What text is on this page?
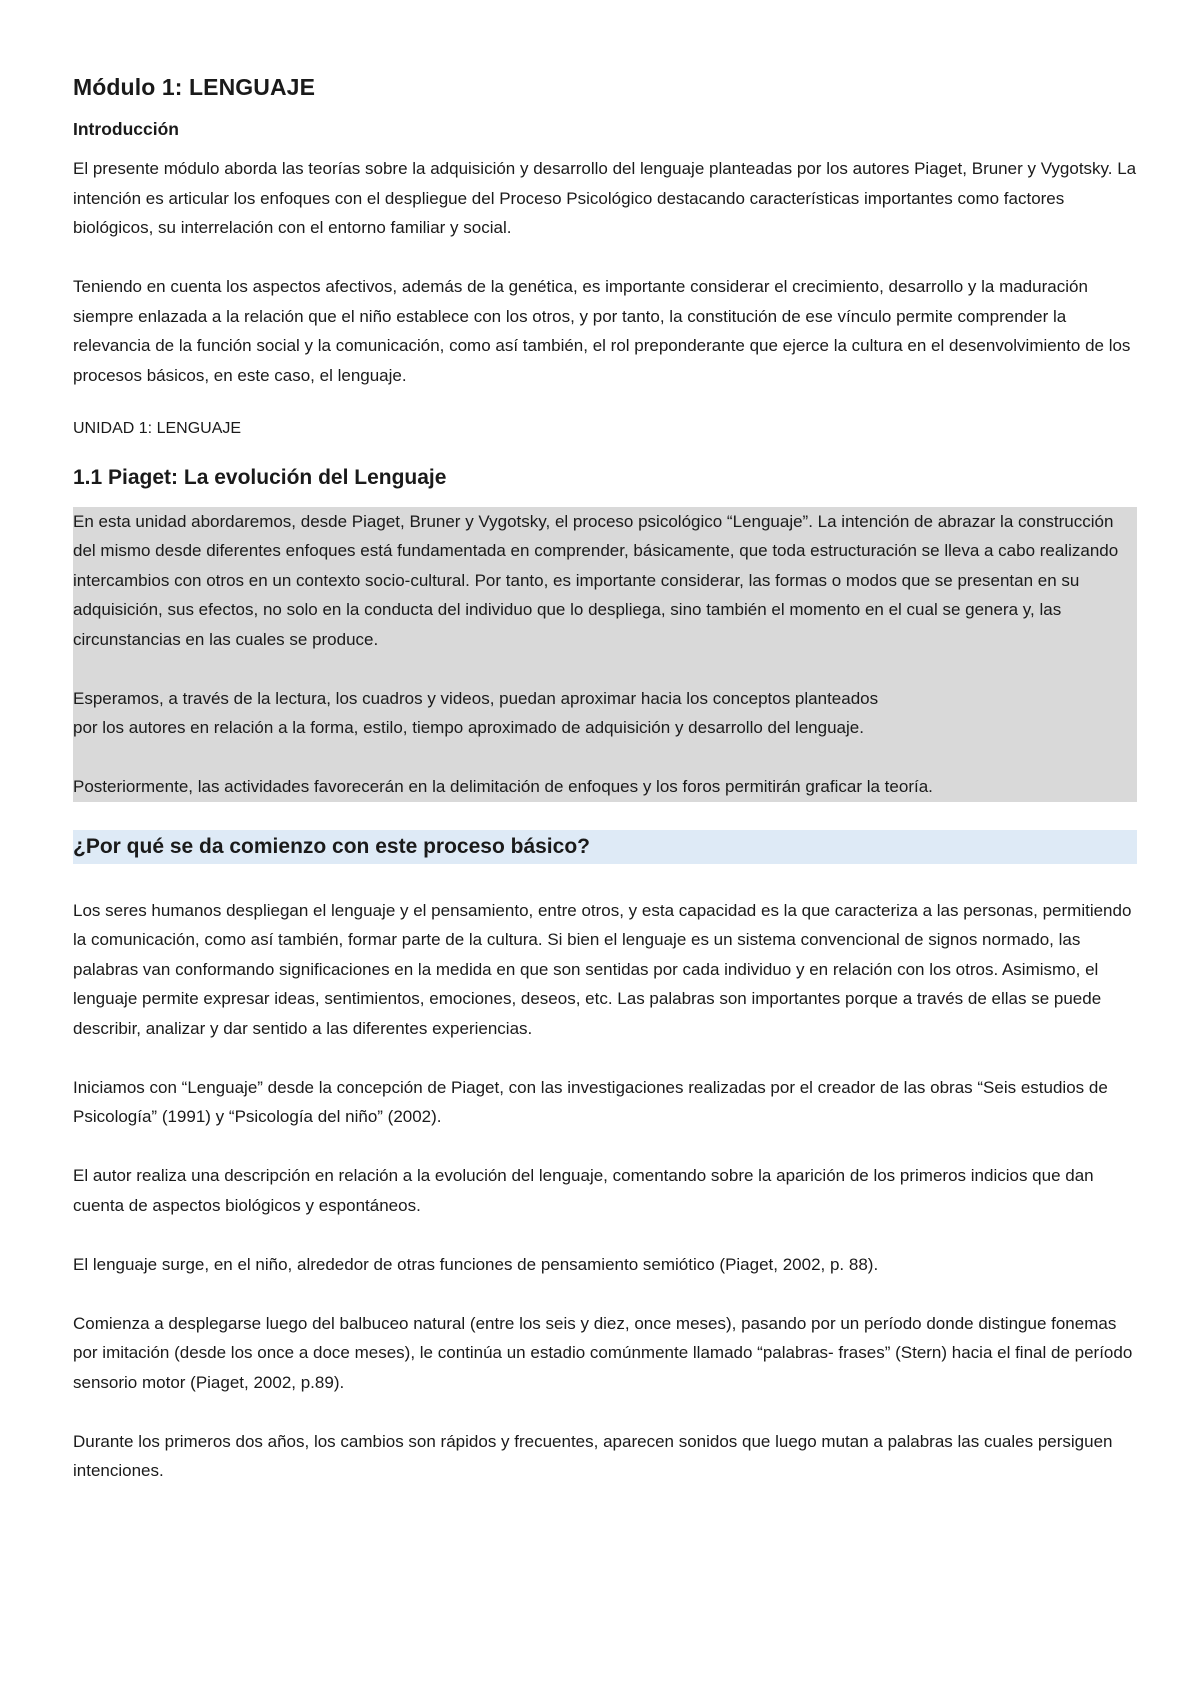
Módulo 1: LENGUAJE
Introducción

El presente módulo aborda las teorías sobre la adquisición y desarrollo del lenguaje planteadas por los autores Piaget, Bruner y Vygotsky. La intención es articular los enfoques con el despliegue del Proceso Psicológico destacando características importantes como factores biológicos, su interrelación con el entorno familiar y social.

Teniendo en cuenta los aspectos afectivos, además de la genética, es importante considerar el crecimiento, desarrollo y la maduración siempre enlazada a la relación que el niño establece con los otros, y por tanto, la constitución de ese vínculo permite comprender la relevancia de la función social y la comunicación, como así también, el rol preponderante que ejerce la cultura en el desenvolvimiento de los procesos básicos, en este caso, el lenguaje.

UNIDAD 1: LENGUAJE
1.1 Piaget: La evolución del Lenguaje

En esta unidad abordaremos, desde Piaget, Bruner y Vygotsky, el proceso psicológico “Lenguaje”. La intención de abrazar la construcción del mismo desde diferentes enfoques está fundamentada en comprender, básicamente, que toda estructuración se lleva a cabo realizando intercambios con otros en un contexto socio-cultural. Por tanto, es importante considerar, las formas o modos que se presentan en su adquisición, sus efectos, no solo en la conducta del individuo que lo despliega, sino también el momento en el cual se genera y, las circunstancias en las cuales se produce.

Esperamos, a través de la lectura, los cuadros y videos, puedan aproximar hacia los conceptos planteados
por los autores en relación a la forma, estilo, tiempo aproximado de adquisición y desarrollo del lenguaje.

Posteriormente, las actividades favorecerán en la delimitación de enfoques y los foros permitirán graficar la teoría.

¿Por qué se da comienzo con este proceso básico?

Los seres humanos despliegan el lenguaje y el pensamiento, entre otros, y esta capacidad es la que caracteriza a las personas, permitiendo la comunicación, como así también, formar parte de la cultura. Si bien el lenguaje es un sistema convencional de signos normado, las palabras van conformando significaciones en la medida en que son sentidas por cada individuo y en relación con los otros. Asimismo, el lenguaje permite expresar ideas, sentimientos, emociones, deseos, etc. Las palabras son importantes porque a través de ellas se puede describir, analizar y dar sentido a las diferentes experiencias.

Iniciamos con “Lenguaje” desde la concepción de Piaget, con las investigaciones realizadas por el creador de las obras “Seis estudios de Psicología” (1991) y “Psicología del niño” (2002).

El autor realiza una descripción en relación a la evolución del lenguaje, comentando sobre la aparición de los primeros indicios que dan cuenta de aspectos biológicos y espontáneos.

El lenguaje surge, en el niño, alrededor de otras funciones de pensamiento semiótico (Piaget, 2002, p. 88).

Comienza a desplegarse luego del balbuceo natural (entre los seis y diez, once meses), pasando por un período donde distingue fonemas por imitación (desde los once a doce meses), le continúa un estadio comúnmente llamado “palabras- frases” (Stern) hacia el final de período sensorio motor (Piaget, 2002, p.89).

Durante los primeros dos años, los cambios son rápidos y frecuentes, aparecen sonidos que luego mutan a palabras las cuales persiguen intenciones.
